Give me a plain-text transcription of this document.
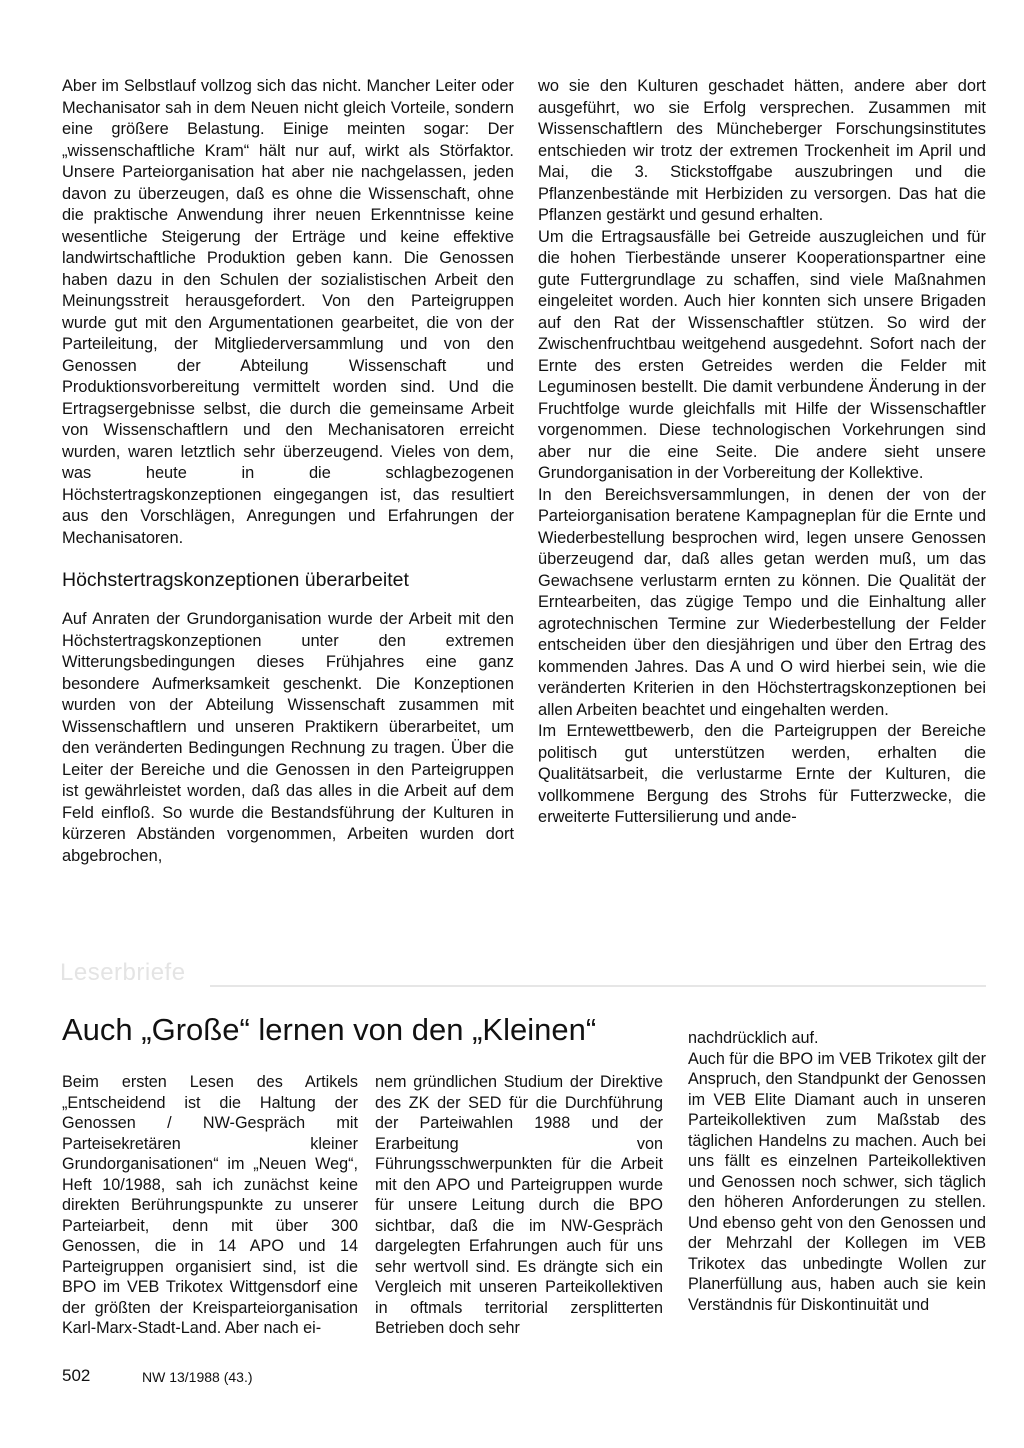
Aber im Selbstlauf vollzog sich das nicht. Mancher Leiter oder Mechanisator sah in dem Neuen nicht gleich Vorteile, sondern eine größere Belastung. Einige meinten sogar: Der „wissenschaftliche Kram“ hält nur auf, wirkt als Störfaktor. Unsere Parteiorganisation hat aber nie nachgelassen, jeden davon zu überzeugen, daß es ohne die Wissenschaft, ohne die praktische Anwendung ihrer neuen Erkenntnisse keine wesentliche Steigerung der Erträge und keine effektive landwirtschaftliche Produktion geben kann. Die Genossen haben dazu in den Schulen der sozialistischen Arbeit den Meinungsstreit herausgefordert. Von den Parteigruppen wurde gut mit den Argumentationen gearbeitet, die von der Parteileitung, der Mitgliederversammlung und von den Genossen der Abteilung Wissenschaft und Produktionsvorbereitung vermittelt worden sind. Und die Ertragsergebnisse selbst, die durch die gemeinsame Arbeit von Wissenschaftlern und den Mechanisatoren erreicht wurden, waren letztlich sehr überzeugend. Vieles von dem, was heute in die schlagbezogenen Höchstertragskonzeptionen eingegangen ist, das resultiert aus den Vorschlägen, Anregungen und Erfahrungen der Mechanisatoren.

Höchstertragskonzeptionen überarbeitet

Auf Anraten der Grundorganisation wurde der Arbeit mit den Höchstertragskonzeptionen unter den extremen Witterungsbedingungen dieses Frühjahres eine ganz besondere Aufmerksamkeit geschenkt. Die Konzeptionen wurden von der Abteilung Wissenschaft zusammen mit Wissenschaftlern und unseren Praktikern überarbeitet, um den veränderten Bedingungen Rechnung zu tragen. Über die Leiter der Bereiche und die Genossen in den Parteigruppen ist gewährleistet worden, daß das alles in die Arbeit auf dem Feld einfloß. So wurde die Bestandsführung der Kulturen in kürzeren Abständen vorgenommen, Arbeiten wurden dort abgebrochen,

wo sie den Kulturen geschadet hätten, andere aber dort ausgeführt, wo sie Erfolg versprechen. Zusammen mit Wissenschaftlern des Müncheberger Forschungsinstitutes entschieden wir trotz der extremen Trockenheit im April und Mai, die 3. Stickstoffgabe auszubringen und die Pflanzenbestände mit Herbiziden zu versorgen. Das hat die Pflanzen gestärkt und gesund erhalten.

Um die Ertragsausfälle bei Getreide auszugleichen und für die hohen Tierbestände unserer Kooperationspartner eine gute Futtergrundlage zu schaffen, sind viele Maßnahmen eingeleitet worden. Auch hier konnten sich unsere Brigaden auf den Rat der Wissenschaftler stützen. So wird der Zwischenfruchtbau weitgehend ausgedehnt. Sofort nach der Ernte des ersten Getreides werden die Felder mit Leguminosen bestellt. Die damit verbundene Änderung in der Fruchtfolge wurde gleichfalls mit Hilfe der Wissenschaftler vorgenommen. Diese technologischen Vorkehrungen sind aber nur die eine Seite. Die andere sieht unsere Grundorganisation in der Vorbereitung der Kollektive.

In den Bereichsversammlungen, in denen der von der Parteiorganisation beratene Kampagneplan für die Ernte und Wiederbestellung besprochen wird, legen unsere Genossen überzeugend dar, daß alles getan werden muß, um das Gewachsene verlustarm ernten zu können. Die Qualität der Erntearbeiten, das zügige Tempo und die Einhaltung aller agrotechnischen Termine zur Wiederbestellung der Felder entscheiden über den diesjährigen und über den Ertrag des kommenden Jahres. Das A und O wird hierbei sein, wie die veränderten Kriterien in den Höchstertragskonzeptionen bei allen Arbeiten beachtet und eingehalten werden.

Im Erntewettbewerb, den die Parteigruppen der Bereiche politisch gut unterstützen werden, erhalten die Qualitätsarbeit, die verlustarme Ernte der Kulturen, die vollkommene Bergung des Strohs für Futterzwecke, die erweiterte Futtersilierung und ande-

Leserbriefe
Auch „Große“ lernen von den „Kleinen“

Beim ersten Lesen des Artikels „Entscheidend ist die Haltung der Genossen / NW-Gespräch mit Parteisekretären kleiner Grundorganisationen“ im „Neuen Weg“, Heft 10/1988, sah ich zunächst keine direkten Berührungspunkte zu unserer Parteiarbeit, denn mit über 300 Genossen, die in 14 APO und 14 Parteigruppen organisiert sind, ist die BPO im VEB Trikotex Wittgensdorf eine der größten der Kreisparteiorganisation Karl-Marx-Stadt-Land. Aber nach ei-

nem gründlichen Studium der Direktive des ZK der SED für die Durchführung der Parteiwahlen 1988 und der Erarbeitung von Führungsschwerpunkten für die Arbeit mit den APO und Parteigruppen wurde für unsere Leitung durch die BPO sichtbar, daß die im NW-Gespräch dargelegten Erfahrungen auch für uns sehr wertvoll sind. Es drängte sich ein Vergleich mit unseren Parteikollektiven in oftmals territorial zersplitterten Betrieben doch sehr

nachdrücklich auf.

Auch für die BPO im VEB Trikotex gilt der Anspruch, den Standpunkt der Genossen im VEB Elite Diamant auch in unseren Parteikollektiven zum Maßstab des täglichen Handelns zu machen. Auch bei uns fällt es einzelnen Parteikollektiven und Genossen noch schwer, sich täglich den höheren Anforderungen zu stellen. Und ebenso geht von den Genossen und der Mehrzahl der Kollegen im VEB Trikotex das unbedingte Wollen zur Planerfüllung aus, haben auch sie kein Verständnis für Diskontinuität und

502	NW 13/1988 (43.)
